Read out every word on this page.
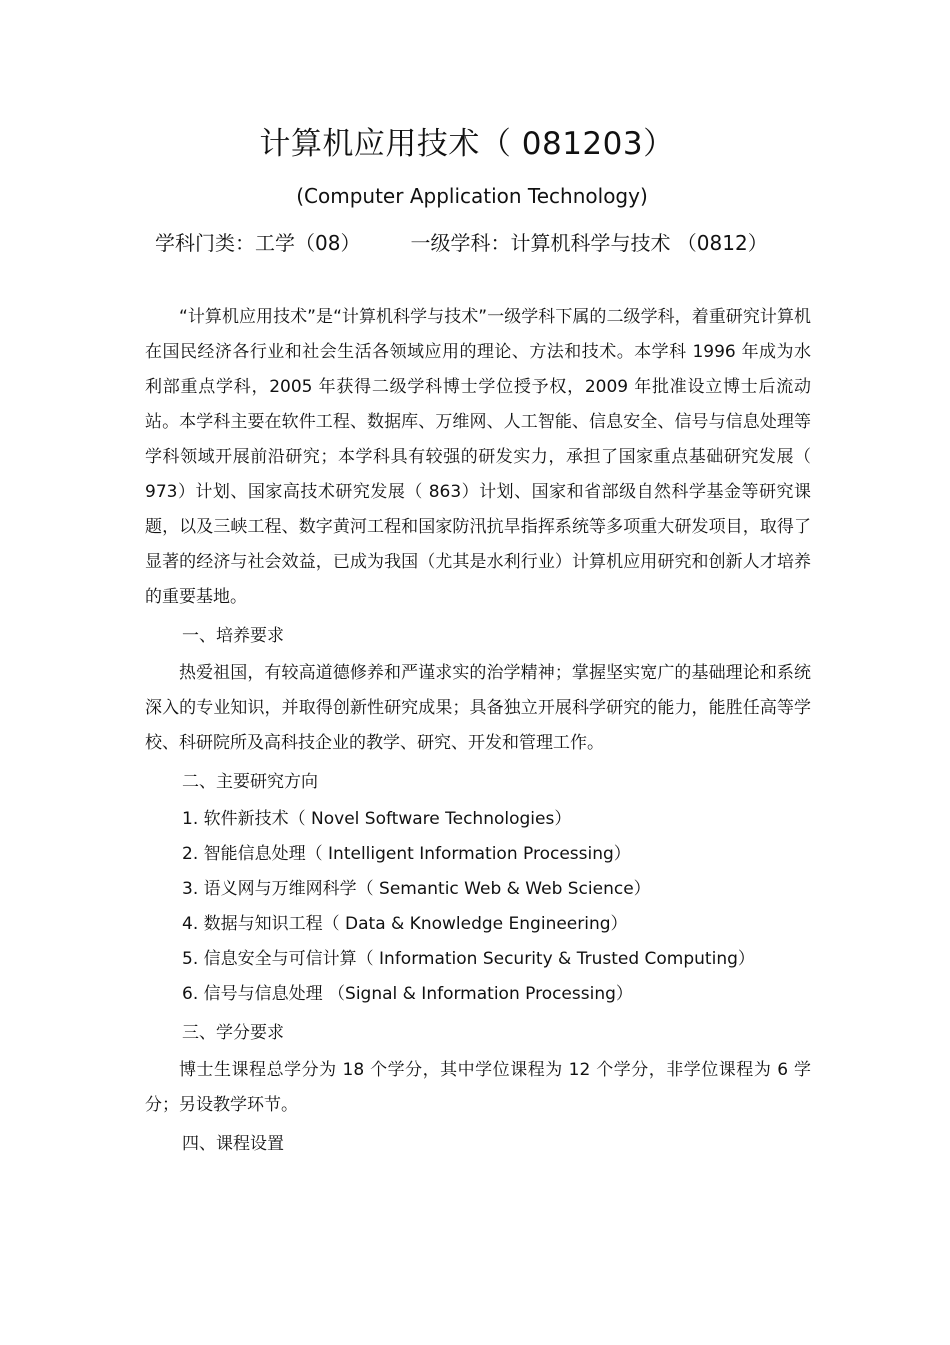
计算机应用技术（ 081203）
(Computer Application Technology)
学科门类：工学（08）	一级学科：计算机科学与技术 （0812）

“计算机应用技术”是“计算机科学与技术”一级学科下属的二级学科，着重研究计算机在国民经济各行业和社会生活各领域应用的理论、方法和技术。本学科 1996 年成为水利部重点学科，2005 年获得二级学科博士学位授予权，2009 年批准设立博士后流动站。本学科主要在软件工程、数据库、万维网、人工智能、信息安全、信号与信息处理等学科领域开展前沿研究；本学科具有较强的研发实力，承担了国家重点基础研究发展（ 973）计划、国家高技术研究发展（ 863）计划、国家和省部级自然科学基金等研究课题，以及三峡工程、数字黄河工程和国家防汛抗旱指挥系统等多项重大研发项目，取得了显著的经济与社会效益，已成为我国（尤其是水利行业）计算机应用研究和创新人才培养的重要基地。

一、培养要求

热爱祖国，有较高道德修养和严谨求实的治学精神；掌握坚实宽广的基础理论和系统深入的专业知识，并取得创新性研究成果；具备独立开展科学研究的能力，能胜任高等学校、科研院所及高科技企业的教学、研究、开发和管理工作。

二、主要研究方向
1. 软件新技术（ Novel Software Technologies）
2. 智能信息处理（ Intelligent Information Processing）
3. 语义网与万维网科学（ Semantic Web & Web Science）
4. 数据与知识工程（ Data & Knowledge Engineering）
5. 信息安全与可信计算（ Information Security & Trusted Computing）
6. 信号与信息处理 （Signal & Information Processing）
三、学分要求

博士生课程总学分为 18 个学分，其中学位课程为 12 个学分，非学位课程为 6 学分；另设教学环节。

四、课程设置
